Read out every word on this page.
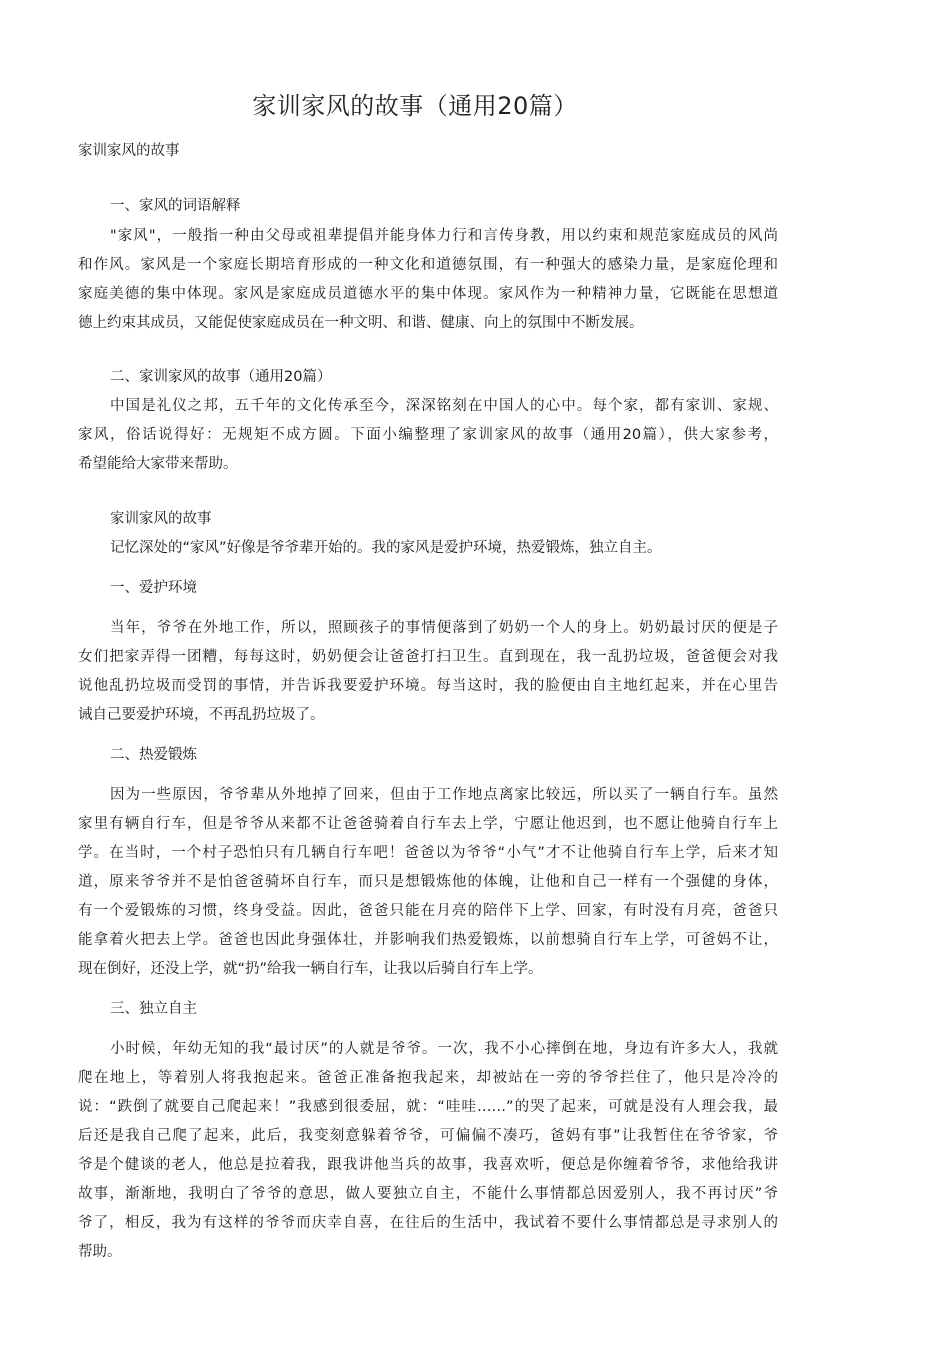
家训家风的故事（通用20篇）
家训家风的故事
一、家风的词语解释
"家风"，一般指一种由父母或祖辈提倡并能身体力行和言传身教，用以约束和规范家庭成员的风尚
和作风。家风是一个家庭长期培育形成的一种文化和道德氛围，有一种强大的感染力量，是家庭伦理和
家庭美德的集中体现。家风是家庭成员道德水平的集中体现。家风作为一种精神力量，它既能在思想道
德上约束其成员，又能促使家庭成员在一种文明、和谐、健康、向上的氛围中不断发展。
二、家训家风的故事（通用20篇）
中国是礼仪之邦，五千年的文化传承至今，深深铭刻在中国人的心中。每个家，都有家训、家规、
家风，俗话说得好：无规矩不成方圆。下面小编整理了家训家风的故事（通用20篇），供大家参考，
希望能给大家带来帮助。
家训家风的故事
记忆深处的“家风”好像是爷爷辈开始的。我的家风是爱护环境，热爱锻炼，独立自主。
一、爱护环境
当年，爷爷在外地工作，所以，照顾孩子的事情便落到了奶奶一个人的身上。奶奶最讨厌的便是子
女们把家弄得一团糟，每每这时，奶奶便会让爸爸打扫卫生。直到现在，我一乱扔垃圾，爸爸便会对我
说他乱扔垃圾而受罚的事情，并告诉我要爱护环境。每当这时，我的脸便由自主地红起来，并在心里告
诫自己要爱护环境，不再乱扔垃圾了。
二、热爱锻炼
因为一些原因，爷爷辈从外地掉了回来，但由于工作地点离家比较远，所以买了一辆自行车。虽然
家里有辆自行车，但是爷爷从来都不让爸爸骑着自行车去上学，宁愿让他迟到，也不愿让他骑自行车上
学。在当时，一个村子恐怕只有几辆自行车吧！爸爸以为爷爷“小气”才不让他骑自行车上学，后来才知
道，原来爷爷并不是怕爸爸骑坏自行车，而只是想锻炼他的体魄，让他和自己一样有一个强健的身体，
有一个爱锻炼的习惯，终身受益。因此，爸爸只能在月亮的陪伴下上学、回家，有时没有月亮，爸爸只
能拿着火把去上学。爸爸也因此身强体壮，并影响我们热爱锻炼，以前想骑自行车上学，可爸妈不让，
现在倒好，还没上学，就“扔”给我一辆自行车，让我以后骑自行车上学。
三、独立自主
小时候，年幼无知的我“最讨厌”的人就是爷爷。一次，我不小心摔倒在地，身边有许多大人，我就
爬在地上，等着别人将我抱起来。爸爸正准备抱我起来，却被站在一旁的爷爷拦住了，他只是冷冷的
说：“跌倒了就要自己爬起来！”我感到很委屈，就：“哇哇……”的哭了起来，可就是没有人理会我，最
后还是我自己爬了起来，此后，我变刻意躲着爷爷，可偏偏不凑巧，爸妈有事”让我暂住在爷爷家，爷
爷是个健谈的老人，他总是拉着我，跟我讲他当兵的故事，我喜欢听，便总是你缠着爷爷，求他给我讲
故事，渐渐地，我明白了爷爷的意思，做人要独立自主，不能什么事情都总因爱别人，我不再讨厌”爷
爷了，相反，我为有这样的爷爷而庆幸自喜，在往后的生活中，我试着不要什么事情都总是寻求别人的
帮助。
